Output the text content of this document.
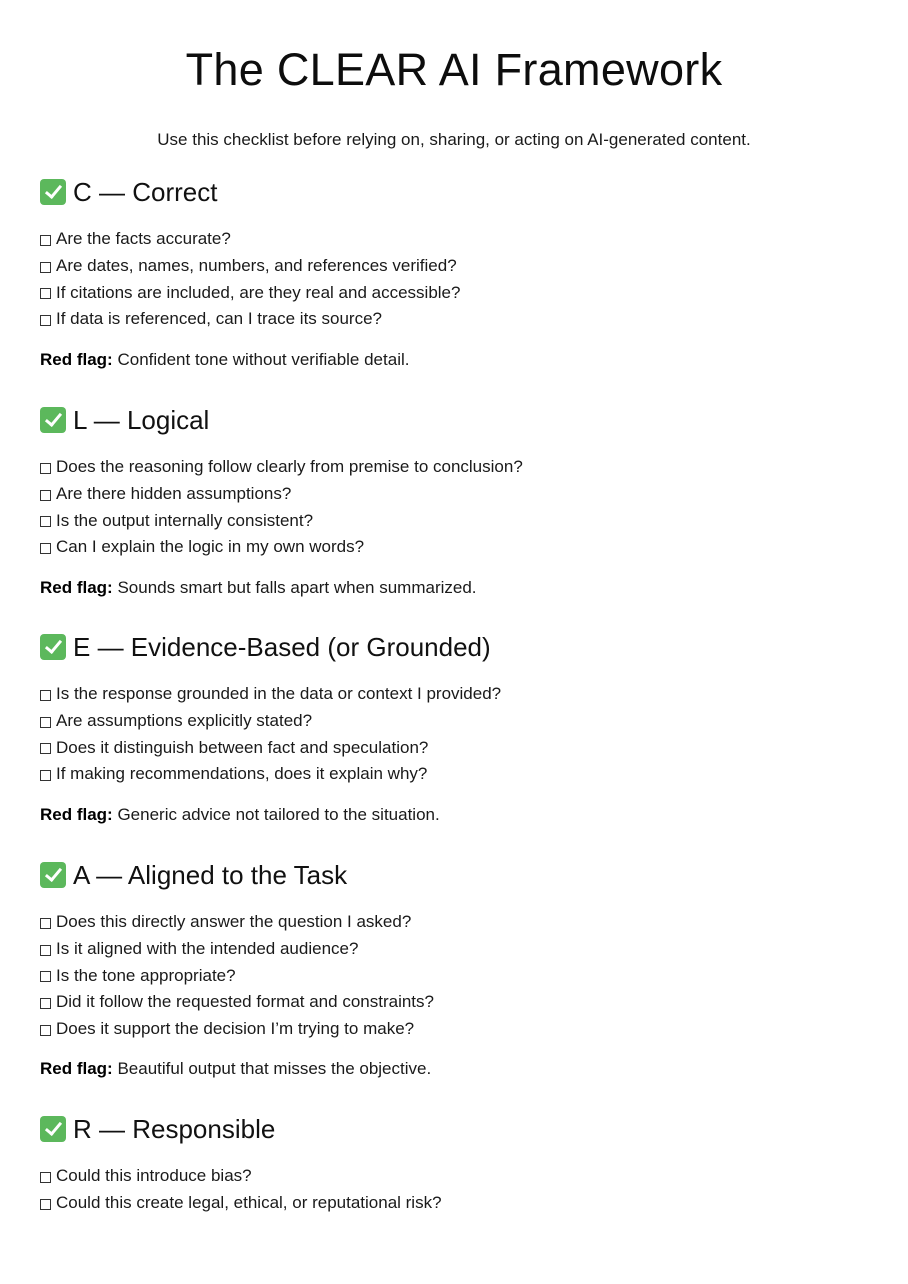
The CLEAR AI Framework
Use this checklist before relying on, sharing, or acting on AI-generated content.
C — Correct
Are the facts accurate?
Are dates, names, numbers, and references verified?
If citations are included, are they real and accessible?
If data is referenced, can I trace its source?

Red flag: Confident tone without verifiable detail.

L — Logical
Does the reasoning follow clearly from premise to conclusion?
Are there hidden assumptions?
Is the output internally consistent?
Can I explain the logic in my own words?

Red flag: Sounds smart but falls apart when summarized.

E — Evidence-Based (or Grounded)
Is the response grounded in the data or context I provided?
Are assumptions explicitly stated?
Does it distinguish between fact and speculation?
If making recommendations, does it explain why?

Red flag: Generic advice not tailored to the situation.

A — Aligned to the Task
Does this directly answer the question I asked?
Is it aligned with the intended audience?
Is the tone appropriate?
Did it follow the requested format and constraints?
Does it support the decision I’m trying to make?

Red flag: Beautiful output that misses the objective.

R — Responsible
Could this introduce bias?
Could this create legal, ethical, or reputational risk?
